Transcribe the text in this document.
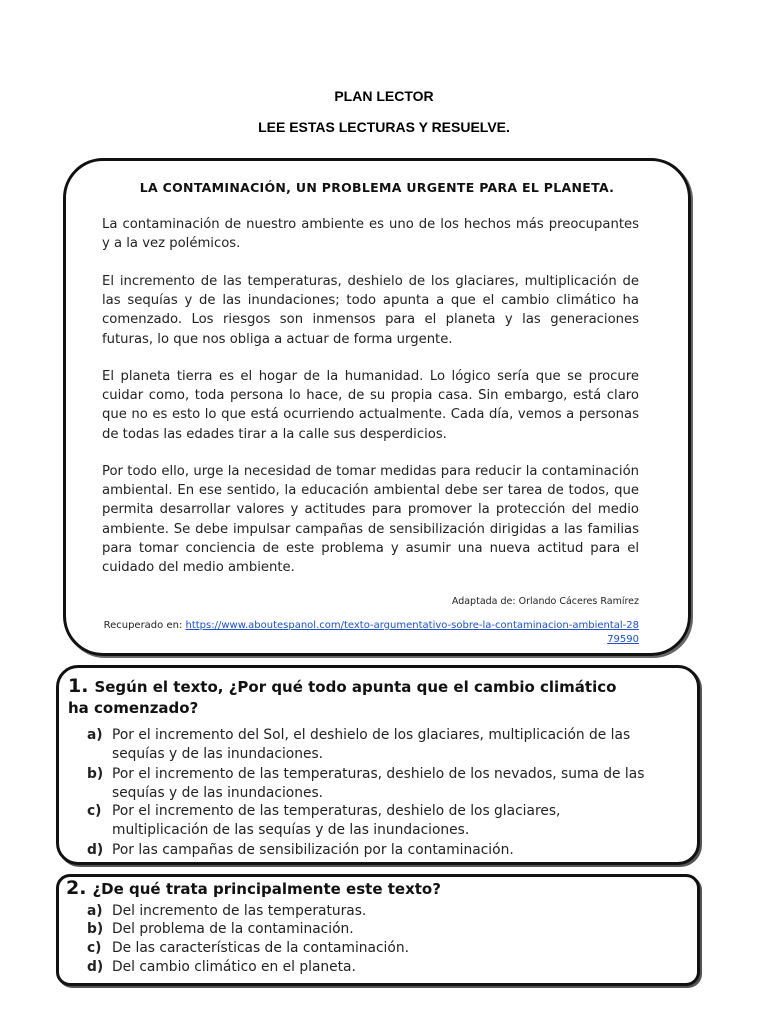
PLAN LECTOR
LEE ESTAS LECTURAS Y RESUELVE.
LA CONTAMINACIÓN, UN PROBLEMA URGENTE PARA EL PLANETA.

La contaminación de nuestro ambiente es uno de los hechos más preocupantes y a la vez polémicos.

El incremento de las temperaturas, deshielo de los glaciares, multiplicación de las sequías y de las inundaciones; todo apunta a que el cambio climático ha comenzado. Los riesgos son inmensos para el planeta y las generaciones futuras, lo que nos obliga a actuar de forma urgente.

El planeta tierra es el hogar de la humanidad. Lo lógico sería que se procure cuidar como, toda persona lo hace, de su propia casa. Sin embargo, está claro que no es esto lo que está ocurriendo actualmente. Cada día, vemos a personas de todas las edades tirar a la calle sus desperdicios.

Por todo ello, urge la necesidad de tomar medidas para reducir la contaminación ambiental. En ese sentido, la educación ambiental debe ser tarea de todos, que permita desarrollar valores y actitudes para promover la protección del medio ambiente. Se debe impulsar campañas de sensibilización dirigidas a las familias para tomar conciencia de este problema y asumir una nueva actitud para el cuidado del medio ambiente.

Adaptada de: Orlando Cáceres Ramírez
Recuperado en: https://www.aboutespanol.com/texto-argumentativo-sobre-la-contaminacion-ambiental-2879590

1. Según el texto, ¿Por qué todo apunta que el cambio climático ha comenzado?

a) Por el incremento del Sol, el deshielo de los glaciares, multiplicación de las sequías y de las inundaciones.
b) Por el incremento de las temperaturas, deshielo de los nevados, suma de las sequías y de las inundaciones.
c) Por el incremento de las temperaturas, deshielo de los glaciares, multiplicación de las sequías y de las inundaciones.
d) Por las campañas de sensibilización por la contaminación.

2. ¿De qué trata principalmente este texto?

a) Del incremento de las temperaturas.
b) Del problema de la contaminación.
c) De las características de la contaminación.
d) Del cambio climático en el planeta.
